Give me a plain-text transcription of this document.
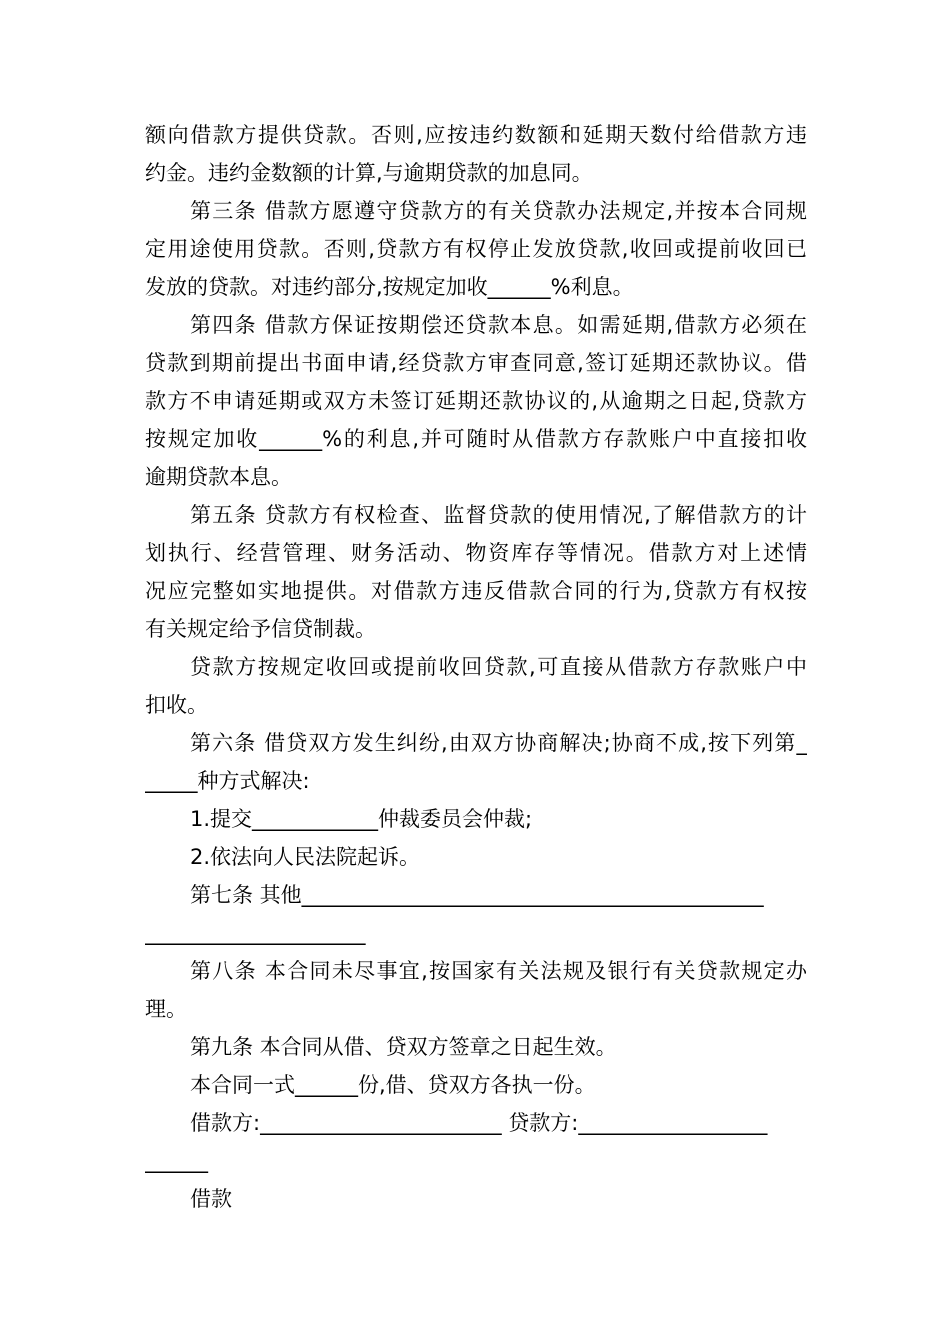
额向借款方提供贷款。否则,应按违约数额和延期天数付给借款方违
约金。违约金数额的计算,与逾期贷款的加息同。
第三条 借款方愿遵守贷款方的有关贷款办法规定,并按本合同规
定用途使用贷款。否则,贷款方有权停止发放贷款,收回或提前收回已
发放的贷款。对违约部分,按规定加收______%利息。
第四条 借款方保证按期偿还贷款本息。如需延期,借款方必须在
贷款到期前提出书面申请,经贷款方审查同意,签订延期还款协议。借
款方不申请延期或双方未签订延期还款协议的,从逾期之日起,贷款方
按规定加收______%的利息,并可随时从借款方存款账户中直接扣收
逾期贷款本息。
第五条 贷款方有权检查、监督贷款的使用情况,了解借款方的计
划执行、经营管理、财务活动、物资库存等情况。借款方对上述情
况应完整如实地提供。对借款方违反借款合同的行为,贷款方有权按
有关规定给予信贷制裁。
贷款方按规定收回或提前收回贷款,可直接从借款方存款账户中
扣收。
第六条 借贷双方发生纠纷,由双方协商解决;协商不成,按下列第_
_____种方式解决:
1.提交____________仲裁委员会仲裁;
2.依法向人民法院起诉。
第七条 其他____________________________________________
_____________________
第八条 本合同未尽事宜,按国家有关法规及银行有关贷款规定办
理。
第九条 本合同从借、贷双方签章之日起生效。
本合同一式______份,借、贷双方各执一份。
借款方:_______________________ 贷款方:__________________
______
借款
